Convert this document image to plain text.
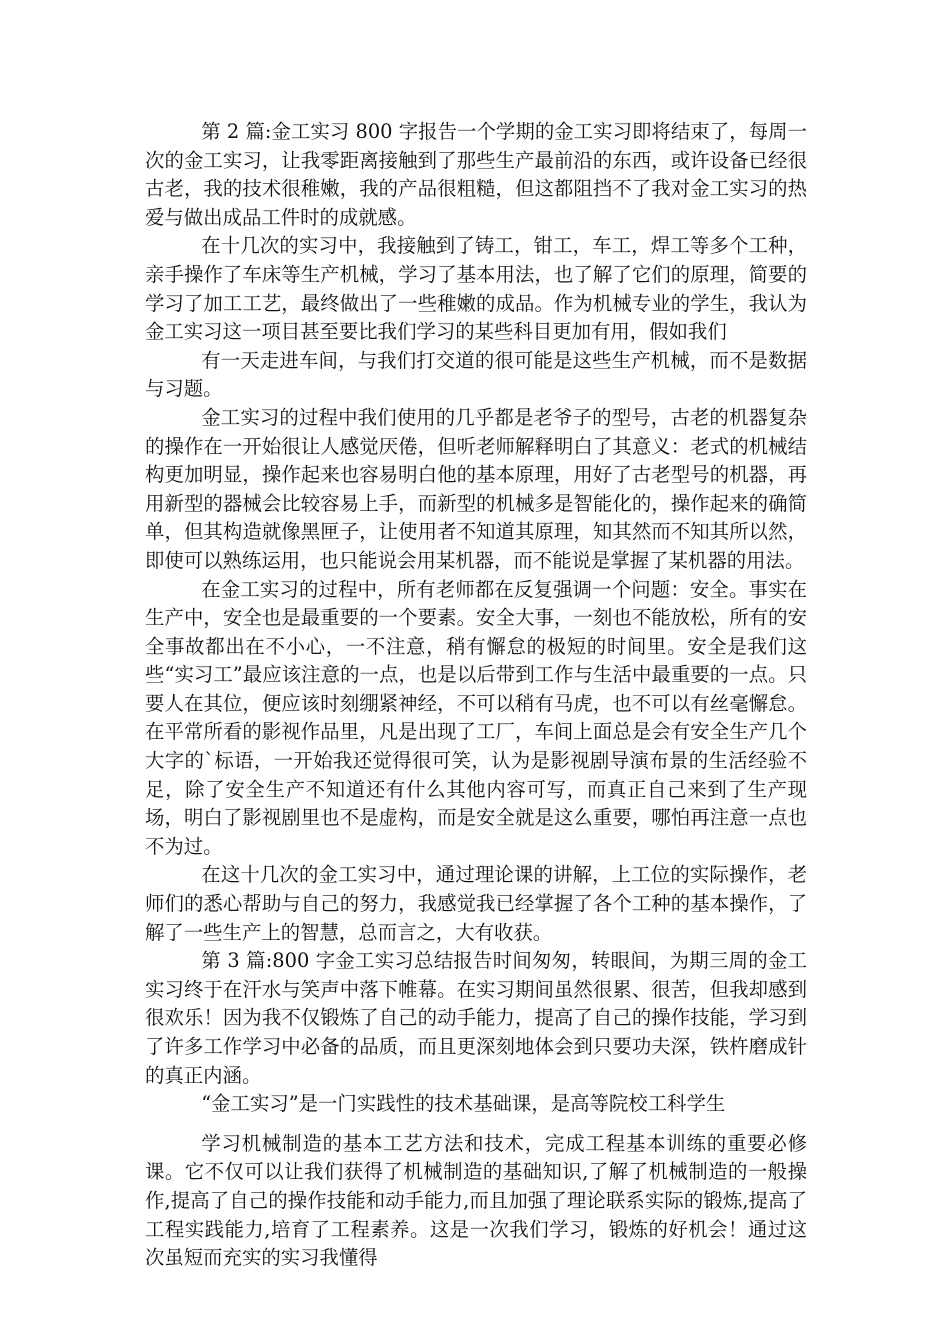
第 2 篇:金工实习 800 字报告一个学期的金工实习即将结束了，每周一次的金工实习，让我零距离接触到了那些生产最前沿的东西，或许设备已经很古老，我的技术很稚嫩，我的产品很粗糙，但这都阻挡不了我对金工实习的热爱与做出成品工件时的成就感。

在十几次的实习中，我接触到了铸工，钳工，车工，焊工等多个工种，亲手操作了车床等生产机械，学习了基本用法，也了解了它们的原理，简要的学习了加工工艺，最终做出了一些稚嫩的成品。作为机械专业的学生，我认为金工实习这一项目甚至要比我们学习的某些科目更加有用，假如我们

有一天走进车间，与我们打交道的很可能是这些生产机械，而不是数据与习题。

金工实习的过程中我们使用的几乎都是老爷子的型号，古老的机器复杂的操作在一开始很让人感觉厌倦，但听老师解释明白了其意义：老式的机械结构更加明显，操作起来也容易明白他的基本原理，用好了古老型号的机器，再用新型的器械会比较容易上手，而新型的机械多是智能化的，操作起来的确简单，但其构造就像黑匣子，让使用者不知道其原理，知其然而不知其所以然，即使可以熟练运用，也只能说会用某机器，而不能说是掌握了某机器的用法。

在金工实习的过程中，所有老师都在反复强调一个问题：安全。事实在生产中，安全也是最重要的一个要素。安全大事，一刻也不能放松，所有的安全事故都出在不小心，一不注意，稍有懈怠的极短的时间里。安全是我们这些“实习工”最应该注意的一点，也是以后带到工作与生活中最重要的一点。只要人在其位，便应该时刻绷紧神经，不可以稍有马虎，也不可以有丝毫懈怠。在平常所看的影视作品里，凡是出现了工厂，车间上面总是会有安全生产几个大字的`标语，一开始我还觉得很可笑，认为是影视剧导演布景的生活经验不足，除了安全生产不知道还有什么其他内容可写，而真正自己来到了生产现场，明白了影视剧里也不是虚构，而是安全就是这么重要，哪怕再注意一点也不为过。

在这十几次的金工实习中，通过理论课的讲解，上工位的实际操作，老师们的悉心帮助与自己的努力，我感觉我已经掌握了各个工种的基本操作，了解了一些生产上的智慧，总而言之，大有收获。

第 3 篇:800 字金工实习总结报告时间匆匆，转眼间，为期三周的金工实习终于在汗水与笑声中落下帷幕。在实习期间虽然很累、很苦，但我却感到很欢乐！因为我不仅锻炼了自己的动手能力，提高了自己的操作技能，学习到了许多工作学习中必备的品质，而且更深刻地体会到只要功夫深，铁杵磨成针的真正内涵。

“金工实习”是一门实践性的技术基础课，是高等院校工科学生

学习机械制造的基本工艺方法和技术，完成工程基本训练的重要必修课。它不仅可以让我们获得了机械制造的基础知识,了解了机械制造的一般操作,提高了自己的操作技能和动手能力,而且加强了理论联系实际的锻炼,提高了工程实践能力,培育了工程素养。这是一次我们学习，锻炼的好机会！通过这次虽短而充实的实习我懂得
